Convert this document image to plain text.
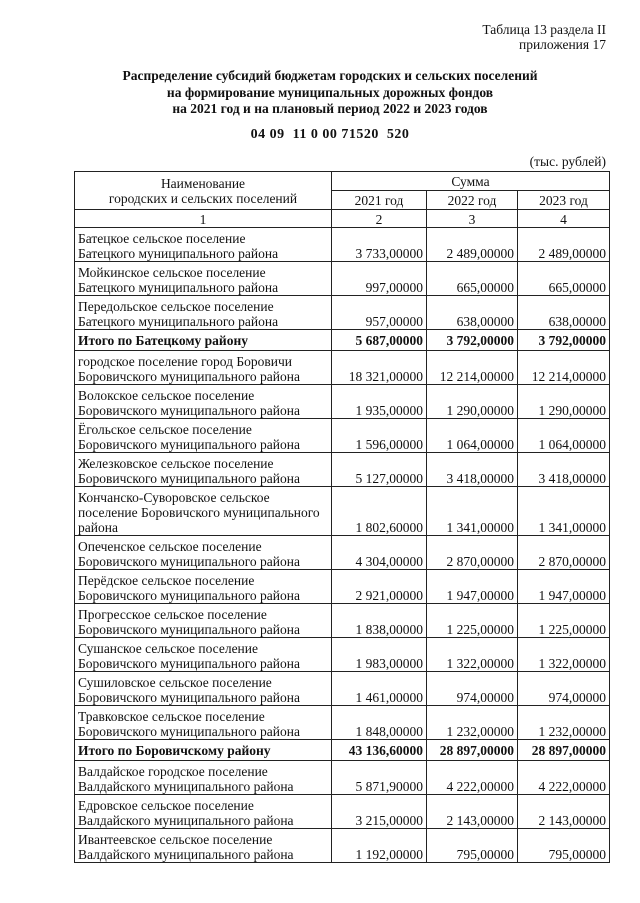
Таблица 13 раздела II
приложения 17
Распределение субсидий бюджетам городских и сельских поселений
на формирование муниципальных дорожных фондов
на 2021 год и на плановый период 2022 и 2023 годов
04 09  11 0 00 71520  520
(тыс. рублей)
Наименование
городских и сельских поселений	Сумма		
	2021 год	2022 год	2023 год
1	2	3	4
Батецкое сельское поселение
Батецкого муниципального района	3 733,00000	2 489,00000	2 489,00000
Мойкинское сельское поселение
Батецкого муниципального района	997,00000	665,00000	665,00000
Передольское сельское поселение
Батецкого муниципального района	957,00000	638,00000	638,00000
Итого по Батецкому району	5 687,00000	3 792,00000	3 792,00000
городское поселение город Боровичи
Боровичского муниципального района	18 321,00000	12 214,00000	12 214,00000
Волокское сельское поселение
Боровичского муниципального района	1 935,00000	1 290,00000	1 290,00000
Ёгольское сельское поселение
Боровичского муниципального района	1 596,00000	1 064,00000	1 064,00000
Железковское сельское поселение
Боровичского муниципального района	5 127,00000	3 418,00000	3 418,00000
Кончанско-Суворовское сельское
поселение Боровичского муниципального
района	1 802,60000	1 341,00000	1 341,00000
Опеченское сельское поселение
Боровичского муниципального района	4 304,00000	2 870,00000	2 870,00000
Перёдское сельское поселение
Боровичского муниципального района	2 921,00000	1 947,00000	1 947,00000
Прогресское сельское поселение
Боровичского муниципального района	1 838,00000	1 225,00000	1 225,00000
Сушанское сельское поселение
Боровичского муниципального района	1 983,00000	1 322,00000	1 322,00000
Сушиловское сельское поселение
Боровичского муниципального района	1 461,00000	974,00000	974,00000
Травковское сельское поселение
Боровичского муниципального района	1 848,00000	1 232,00000	1 232,00000
Итого по Боровичскому району	43 136,60000	28 897,00000	28 897,00000
Валдайское городское поселение
Валдайского муниципального района	5 871,90000	4 222,00000	4 222,00000
Едровское сельское поселение
Валдайского муниципального района	3 215,00000	2 143,00000	2 143,00000
Ивантеевское сельское поселение
Валдайского муниципального района	1 192,00000	795,00000	795,00000
